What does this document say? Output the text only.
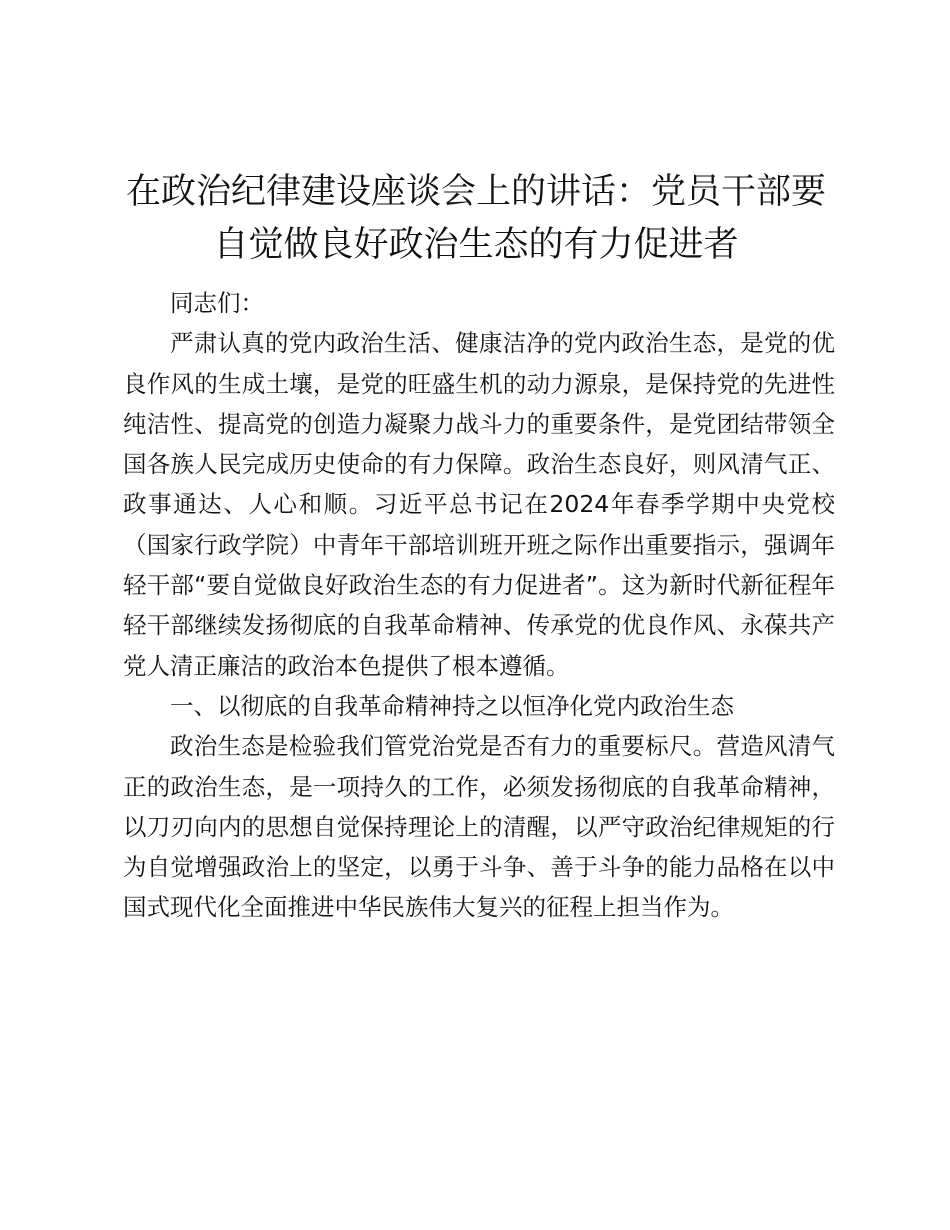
在政治纪律建设座谈会上的讲话：党员干部要
自觉做良好政治生态的有力促进者

同志们：

严肃认真的党内政治生活、健康洁净的党内政治生态，是党的优良作风的生成土壤，是党的旺盛生机的动力源泉，是保持党的先进性纯洁性、提高党的创造力凝聚力战斗力的重要条件，是党团结带领全国各族人民完成历史使命的有力保障。政治生态良好，则风清气正、政事通达、人心和顺。习近平总书记在2024年春季学期中央党校（国家行政学院）中青年干部培训班开班之际作出重要指示，强调年轻干部“要自觉做良好政治生态的有力促进者”。这为新时代新征程年轻干部继续发扬彻底的自我革命精神、传承党的优良作风、永葆共产党人清正廉洁的政治本色提供了根本遵循。

一、以彻底的自我革命精神持之以恒净化党内政治生态

政治生态是检验我们管党治党是否有力的重要标尺。营造风清气正的政治生态，是一项持久的工作，必须发扬彻底的自我革命精神，以刀刃向内的思想自觉保持理论上的清醒，以严守政治纪律规矩的行为自觉增强政治上的坚定，以勇于斗争、善于斗争的能力品格在以中国式现代化全面推进中华民族伟大复兴的征程上担当作为。
